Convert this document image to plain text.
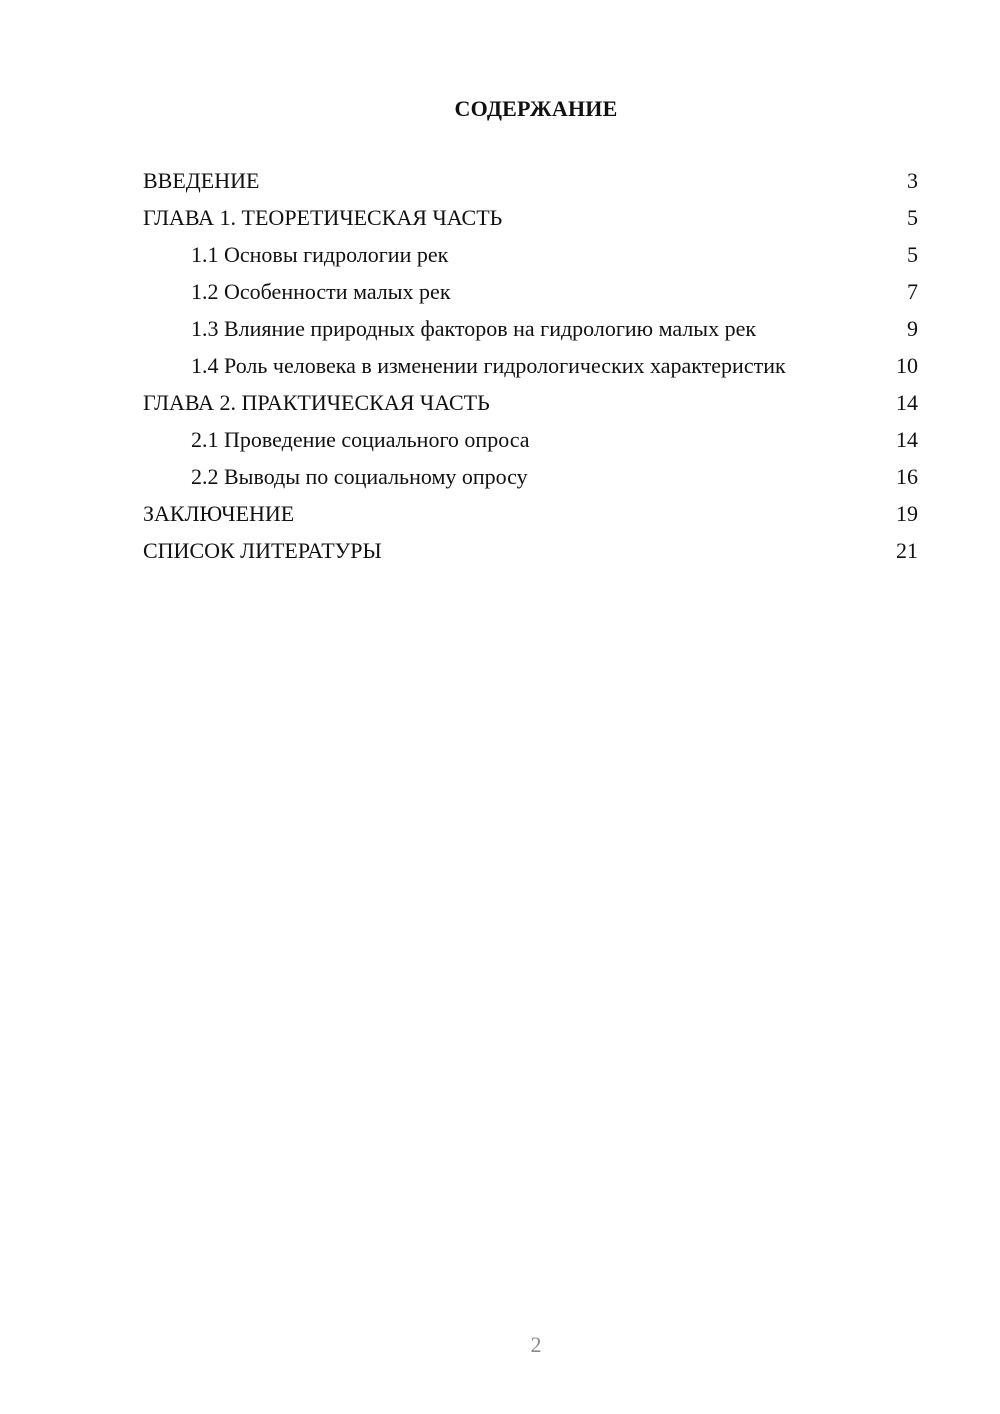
СОДЕРЖАНИЕ
ВВЕДЕНИЕ	3
ГЛАВА 1. ТЕОРЕТИЧЕСКАЯ ЧАСТЬ	5
1.1 Основы гидрологии рек	5
1.2 Особенности малых рек	7
1.3 Влияние природных факторов на гидрологию малых рек	9
1.4 Роль человека в изменении гидрологических характеристик	10
ГЛАВА 2. ПРАКТИЧЕСКАЯ ЧАСТЬ	14
2.1 Проведение социального опроса	14
2.2 Выводы по социальному опросу	16
ЗАКЛЮЧЕНИЕ	19
СПИСОК ЛИТЕРАТУРЫ	21
2
